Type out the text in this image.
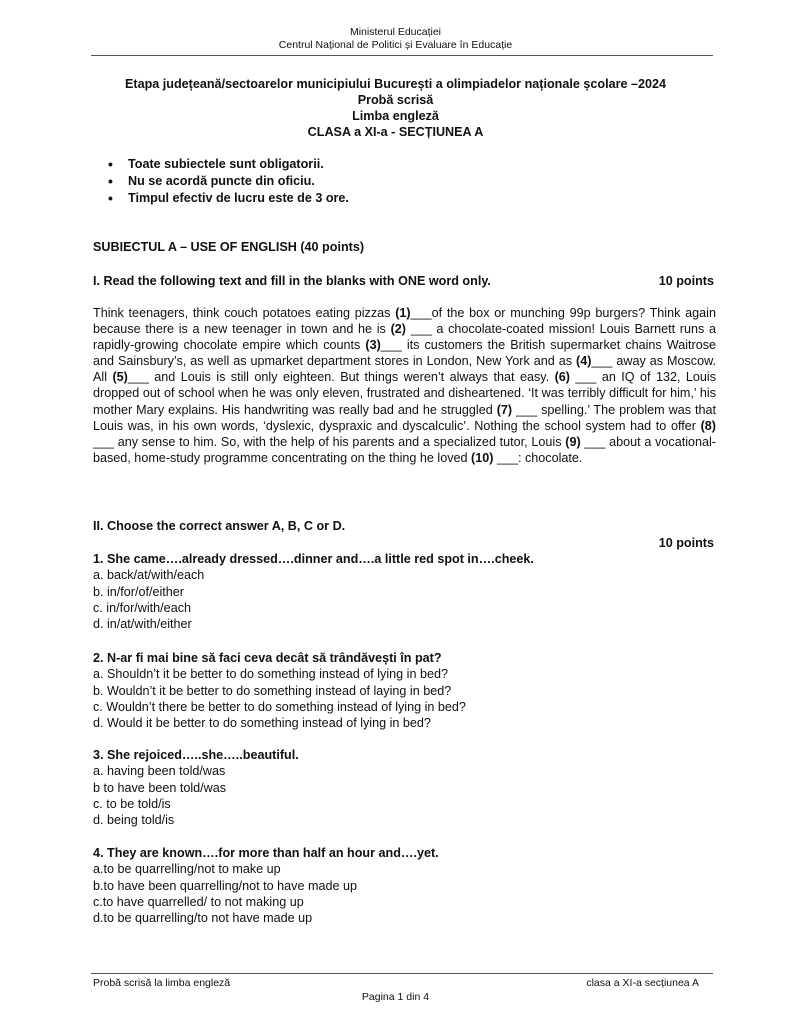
Ministerul Educației
Centrul Național de Politici și Evaluare în Educație
Etapa județeană/sectoarelor municipiului București a olimpiadelor naționale școlare –2024
Probă scrisă
Limba engleză
CLASA a XI-a - SECȚIUNEA A
• Toate subiectele sunt obligatorii.
• Nu se acordă puncte din oficiu.
• Timpul efectiv de lucru este de 3 ore.
SUBIECTUL A – USE OF ENGLISH (40 points)
I. Read the following text and fill in the blanks with ONE word only.	10 points

Think teenagers, think couch potatoes eating pizzas (1)___of the box or munching 99p burgers? Think again because there is a new teenager in town and he is (2) ___ a chocolate-coated mission! Louis Barnett runs a rapidly-growing chocolate empire which counts (3)___ its customers the British supermarket chains Waitrose and Sainsbury’s, as well as upmarket department stores in London, New York and as (4)___ away as Moscow. All (5)___ and Louis is still only eighteen. But things weren’t always that easy. (6) ___ an IQ of 132, Louis dropped out of school when he was only eleven, frustrated and disheartened. ‘It was terribly difficult for him,’ his mother Mary explains. His handwriting was really bad and he struggled (7) ___ spelling.’ The problem was that Louis was, in his own words, ‘dyslexic, dyspraxic and dyscalculic’. Nothing the school system had to offer (8) ___ any sense to him. So, with the help of his parents and a specialized tutor, Louis (9) ___ about a vocational-based, home-study programme concentrating on the thing he loved (10) ___: chocolate.

II. Choose the correct answer A, B, C or D.
10 points
1. She came….already dressed….dinner and….a little red spot in….cheek.
a. back/at/with/each
b. in/for/of/either
c. in/for/with/each
d. in/at/with/either
2. N-ar fi mai bine să faci ceva decât să trândăvești în pat?
a. Shouldn’t it be better to do something instead of lying in bed?
b. Wouldn’t it be better to do something instead of laying in bed?
c. Wouldn’t there be better to do something instead of lying in bed?
d. Would it be better to do something instead of lying in bed?
3. She rejoiced…..she…..beautiful.
a. having been told/was
b to have been told/was
c. to be told/is
d. being told/is
4. They are known….for more than half an hour and….yet.
a.to be quarrelling/not to make up
b.to have been quarrelling/not to have made up
c.to have quarrelled/ to not making up
d.to be quarrelling/to not have made up
Probă scrisă la limba engleză	clasa a XI-a secțiunea A
Pagina 1 din 4
